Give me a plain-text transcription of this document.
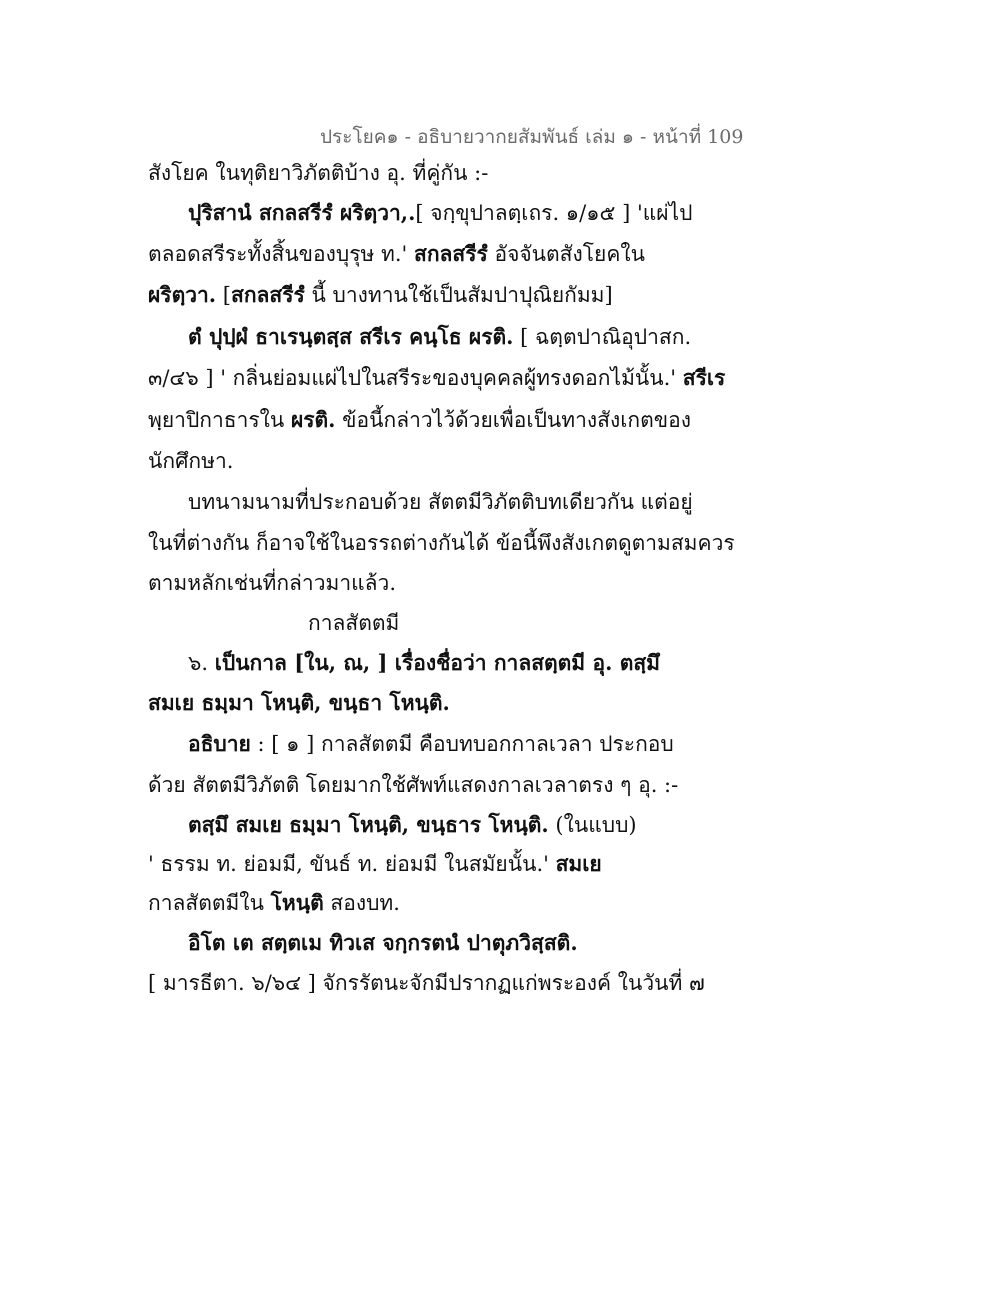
ประโยค๑ - อธิบายวากยสัมพันธ์ เล่ม ๑ - หน้าที่ 109
สังโยค ในทุติยาวิภัตติบ้าง อุ. ที่คู่กัน :-
ปุริสานํ สกลสรีรํ ผริตฺวา,.[ จกฺขุปาลตฺเถร. ๑/๑๕ ] 'แผ่ไป
ตลอดสรีระทั้งสิ้นของบุรุษ ท.' สกลสรีรํ อัจจันตสังโยคใน
ผริตฺวา. [สกลสรีรํ นี้ บางทานใช้เป็นสัมปาปุณิยกัมม]
ตํ ปุปฺผํ ธาเรนฺตสฺส สรีเร คนฺโธ ผรติ. [ ฉตฺตปาณิอุปาสก.
๓/๔๖ ] ' กลิ่นย่อมแผ่ไปในสรีระของบุคคลผู้ทรงดอกไม้นั้น.' สรีเร
พฺยาปิกาธารใน ผรติ. ข้อนี้กล่าวไว้ด้วยเพื่อเป็นทางสังเกตของ
นักศึกษา.
บทนามนามที่ประกอบด้วย สัตตมีวิภัตติบทเดียวกัน แต่อยู่
ในที่ต่างกัน ก็อาจใช้ในอรรถต่างกันได้ ข้อนี้พึงสังเกตดูตามสมควร
ตามหลักเช่นที่กล่าวมาแล้ว.
กาลสัตตมี
๖. เป็นกาล [ใน, ณ, ] เรื่องชื่อว่า กาลสตฺตมี อุ. ตสฺมึ
สมเย ธมฺมา โหนฺติ, ขนฺธา โหนฺติ.
อธิบาย : [ ๑ ] กาลสัตตมี คือบทบอกกาลเวลา ประกอบ
ด้วย สัตตมีวิภัตติ โดยมากใช้ศัพท์แสดงกาลเวลาตรง ๆ อุ. :-
ตสฺมึ สมเย ธมฺมา โหนฺติ, ขนฺธาร โหนฺติ. (ในแบบ)
' ธรรม ท. ย่อมมี, ขันธ์ ท. ย่อมมี ในสมัยนั้น.' สมเย
กาลสัตตมีใน โหนฺติ สองบท.
อิโต เต สตฺตเม ทิวเส จกฺกรตนํ ปาตุภวิสฺสติ.
[ มารธีตา. ๖/๖๔ ] จักรรัตนะจักมีปรากฏแก่พระองค์ ในวันที่ ๗
